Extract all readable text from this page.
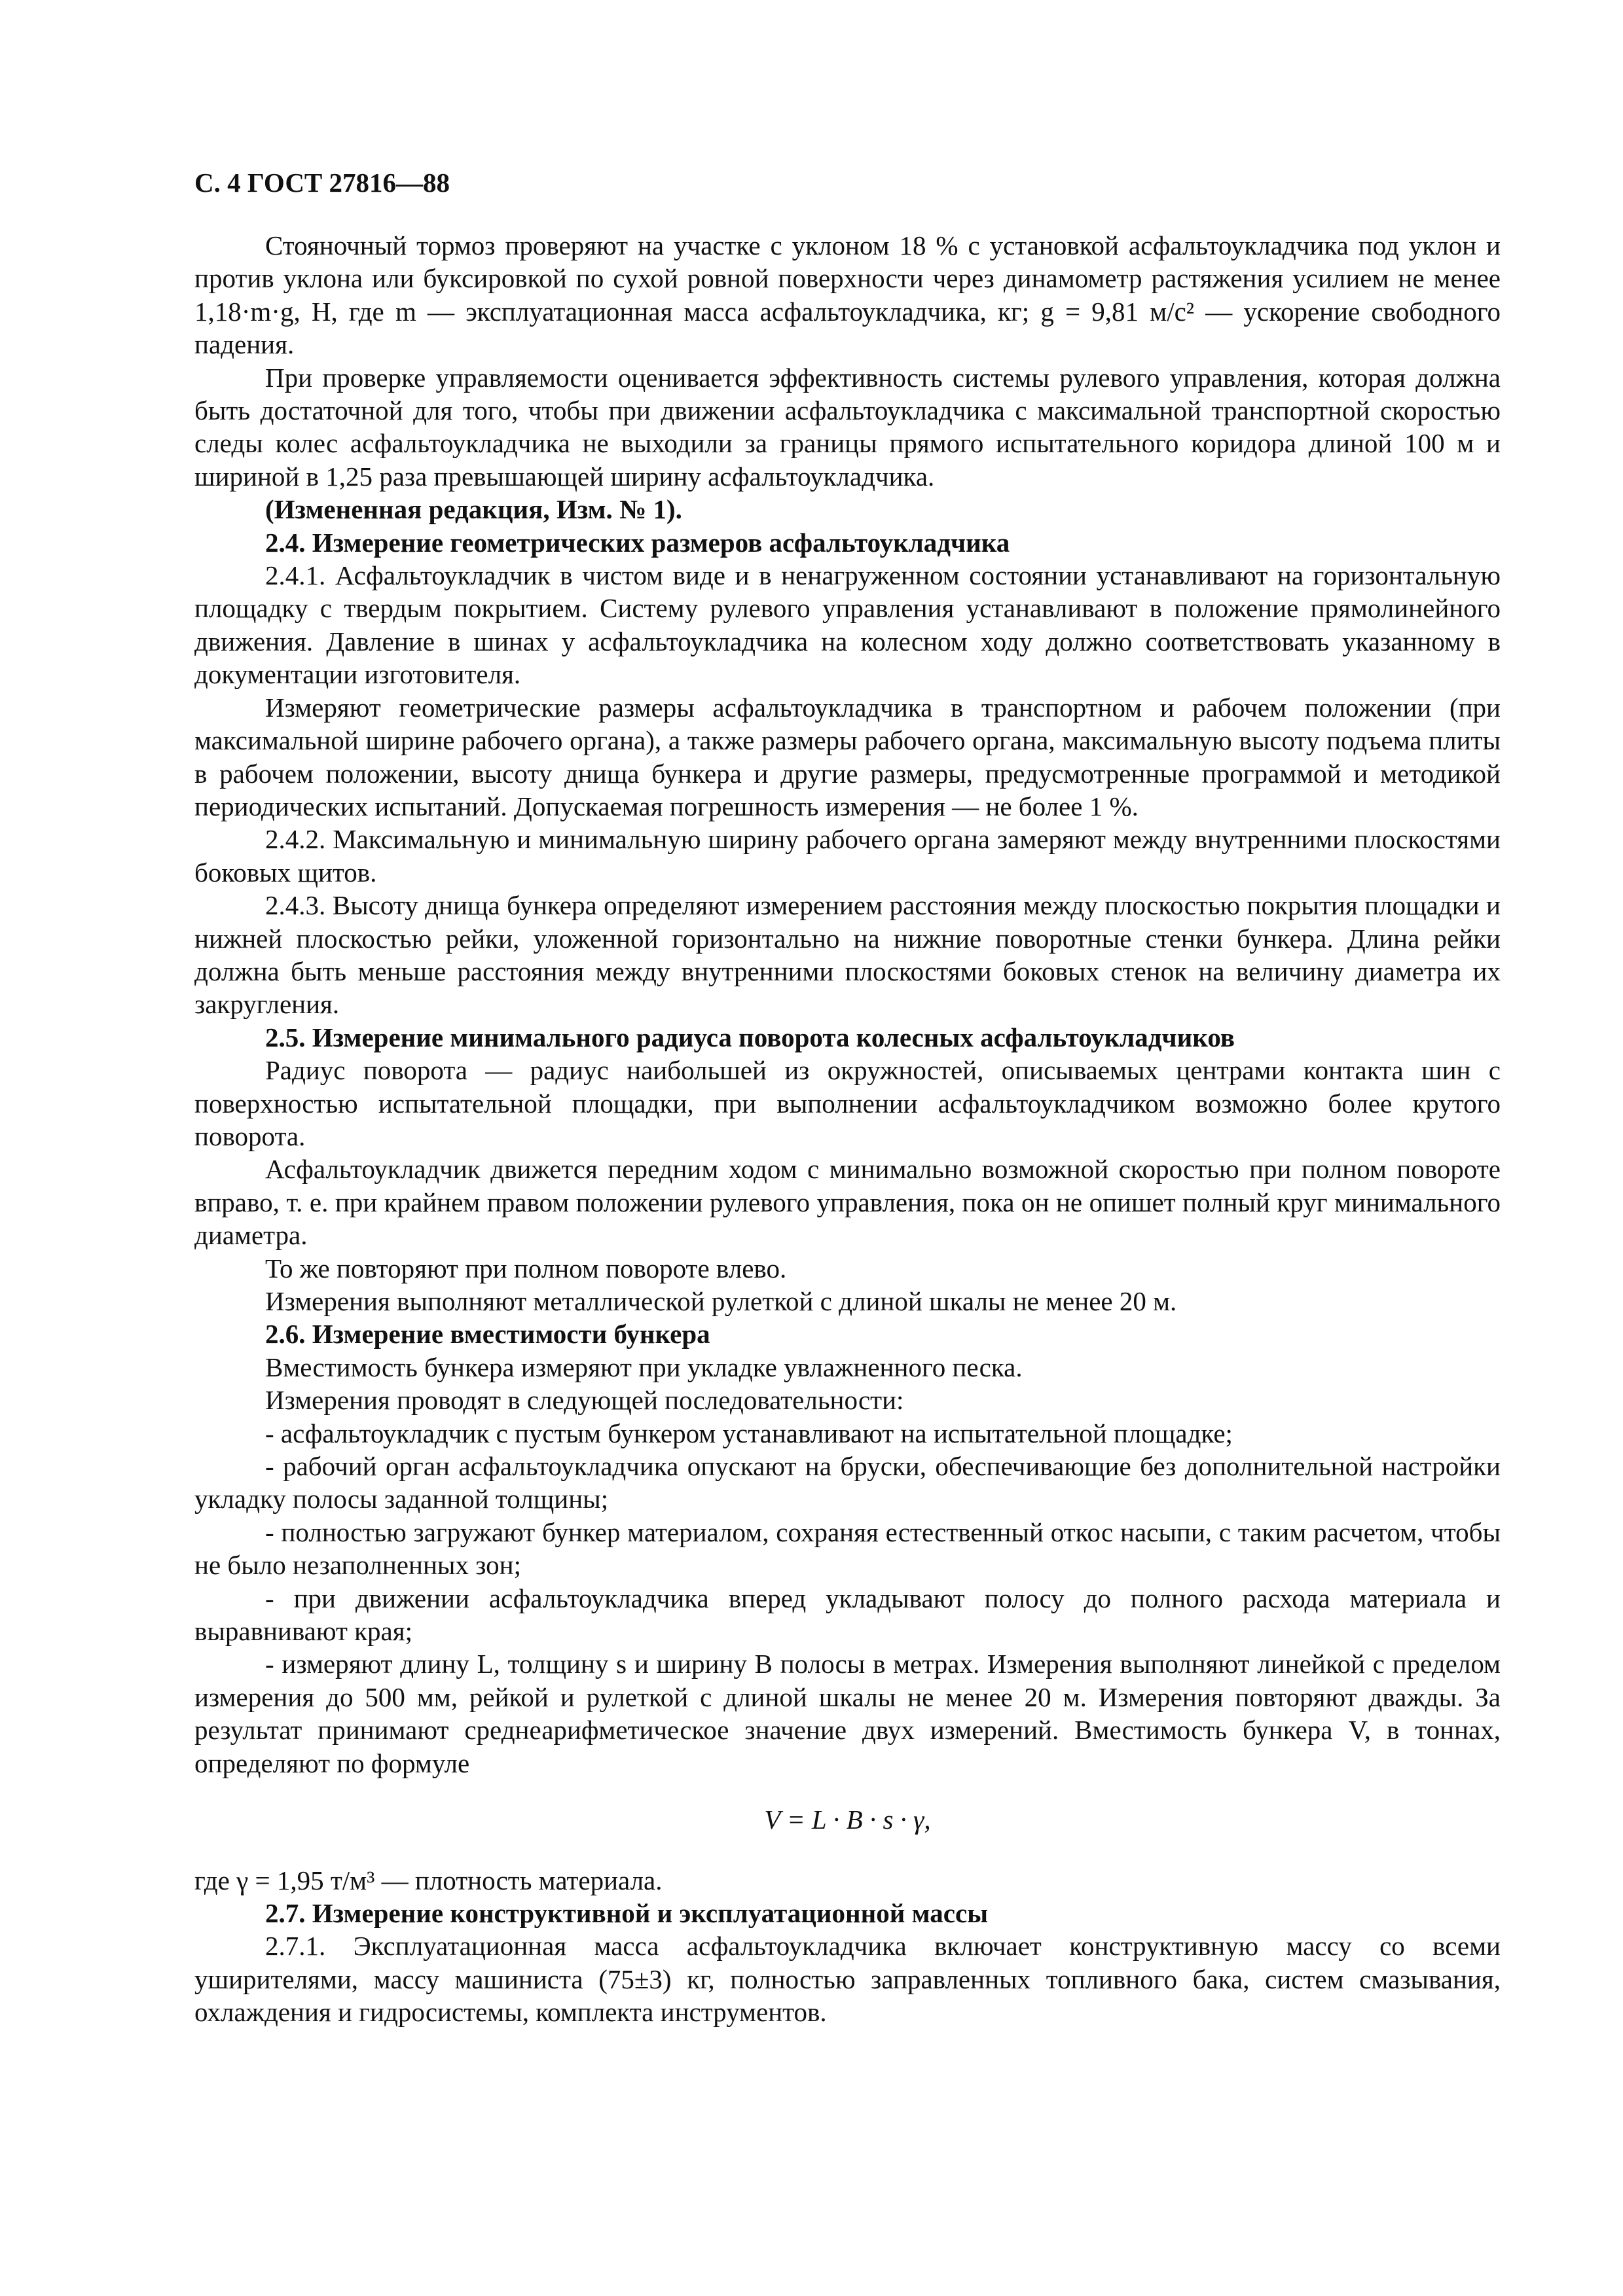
С. 4 ГОСТ 27816—88

Стояночный тормоз проверяют на участке с уклоном 18 % с установкой асфальтоукладчика под уклон и против уклона или буксировкой по сухой ровной поверхности через динамометр растяжения усилием не менее 1,18·m·g, Н, где m — эксплуатационная масса асфальтоукладчика, кг; g = 9,81 м/с² — ускорение свободного падения.

При проверке управляемости оценивается эффективность системы рулевого управления, которая должна быть достаточной для того, чтобы при движении асфальтоукладчика с максимальной транспортной скоростью следы колес асфальтоукладчика не выходили за границы прямого испытательного коридора длиной 100 м и шириной в 1,25 раза превышающей ширину асфальтоукладчика.

(Измененная редакция, Изм. № 1).

2.4. Измерение геометрических размеров асфальтоукладчика

2.4.1. Асфальтоукладчик в чистом виде и в ненагруженном состоянии устанавливают на горизонтальную площадку с твердым покрытием. Систему рулевого управления устанавливают в положение прямолинейного движения. Давление в шинах у асфальтоукладчика на колесном ходу должно соответствовать указанному в документации изготовителя.

Измеряют геометрические размеры асфальтоукладчика в транспортном и рабочем положении (при максимальной ширине рабочего органа), а также размеры рабочего органа, максимальную высоту подъема плиты в рабочем положении, высоту днища бункера и другие размеры, предусмотренные программой и методикой периодических испытаний. Допускаемая погрешность измерения — не более 1 %.

2.4.2. Максимальную и минимальную ширину рабочего органа замеряют между внутренними плоскостями боковых щитов.

2.4.3. Высоту днища бункера определяют измерением расстояния между плоскостью покрытия площадки и нижней плоскостью рейки, уложенной горизонтально на нижние поворотные стенки бункера. Длина рейки должна быть меньше расстояния между внутренними плоскостями боковых стенок на величину диаметра их закругления.

2.5. Измерение минимального радиуса поворота колесных асфальтоукладчиков

Радиус поворота — радиус наибольшей из окружностей, описываемых центрами контакта шин с поверхностью испытательной площадки, при выполнении асфальтоукладчиком возможно более крутого поворота.

Асфальтоукладчик движется передним ходом с минимально возможной скоростью при полном повороте вправо, т. е. при крайнем правом положении рулевого управления, пока он не опишет полный круг минимального диаметра.

То же повторяют при полном повороте влево.

Измерения выполняют металлической рулеткой с длиной шкалы не менее 20 м.

2.6. Измерение вместимости бункера

Вместимость бункера измеряют при укладке увлажненного песка.

Измерения проводят в следующей последовательности:

- асфальтоукладчик с пустым бункером устанавливают на испытательной площадке;

- рабочий орган асфальтоукладчика опускают на бруски, обеспечивающие без дополнительной настройки укладку полосы заданной толщины;

- полностью загружают бункер материалом, сохраняя естественный откос насыпи, с таким расчетом, чтобы не было незаполненных зон;

- при движении асфальтоукладчика вперед укладывают полосу до полного расхода материала и выравнивают края;

- измеряют длину L, толщину s и ширину B полосы в метрах. Измерения выполняют линейкой с пределом измерения до 500 мм, рейкой и рулеткой с длиной шкалы не менее 20 м. Измерения повторяют дважды. За результат принимают среднеарифметическое значение двух измерений. Вместимость бункера V, в тоннах, определяют по формуле

V = L · B · s · γ,

где γ = 1,95 т/м³ — плотность материала.

2.7. Измерение конструктивной и эксплуатационной массы

2.7.1. Эксплуатационная масса асфальтоукладчика включает конструктивную массу со всеми уширителями, массу машиниста (75±3) кг, полностью заправленных топливного бака, систем смазывания, охлаждения и гидросистемы, комплекта инструментов.
